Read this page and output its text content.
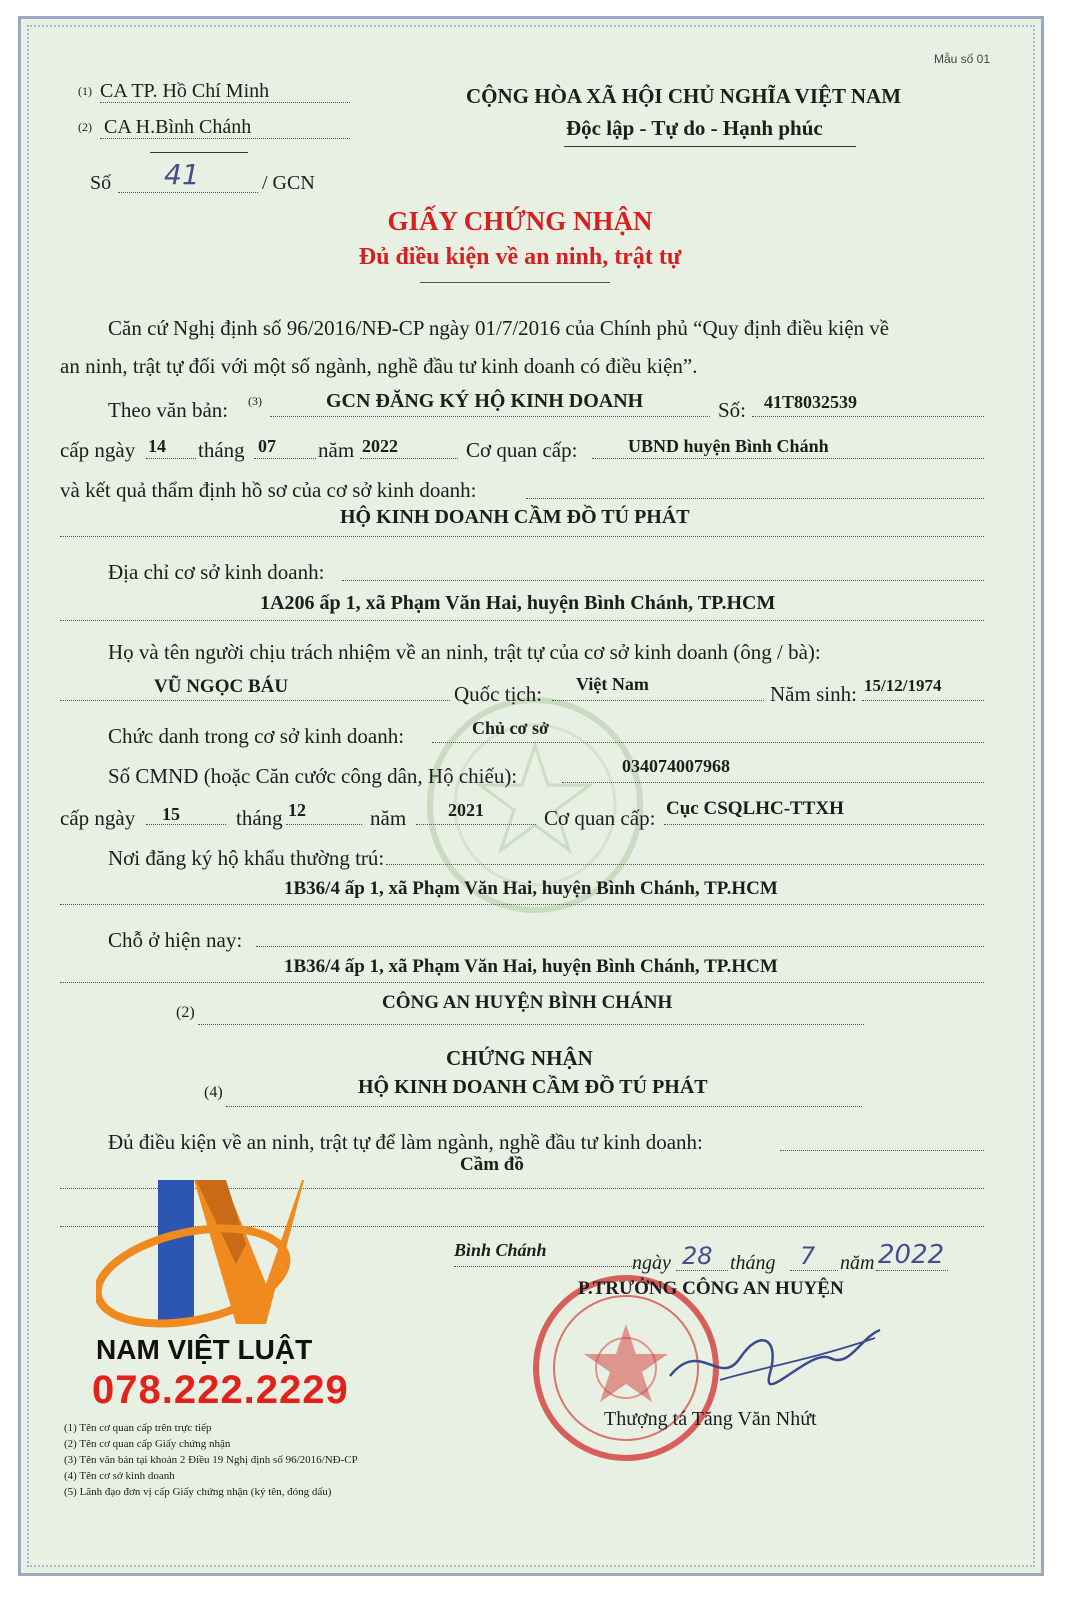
Mẫu số 01
(1) CA TP. Hồ Chí Minh
(2) CA H.Bình Chánh
Số 41	/ GCN
CỘNG HÒA XÃ HỘI CHỦ NGHĨA VIỆT NAM
Độc lập - Tự do - Hạnh phúc
GIẤY CHỨNG NHẬN
Đủ điều kiện về an ninh, trật tự
Căn cứ Nghị định số 96/2016/NĐ-CP ngày 01/7/2016 của Chính phủ “Quy định điều kiện về
an ninh, trật tự đối với một số ngành, nghề đầu tư kinh doanh có điều kiện”.
Theo văn bản: (3)	GCN ĐĂNG KÝ HỘ KINH DOANH	Số: 41T8032539
cấp ngày 14 tháng 07 năm 2022	Cơ quan cấp:	UBND huyện Bình Chánh
và kết quả thẩm định hồ sơ của cơ sở kinh doanh:
HỘ KINH DOANH CẦM ĐỒ TÚ PHÁT
Địa chỉ cơ sở kinh doanh:
1A206 ấp 1, xã Phạm Văn Hai, huyện Bình Chánh, TP.HCM
Họ và tên người chịu trách nhiệm về an ninh, trật tự của cơ sở kinh doanh (ông / bà):
VŨ NGỌC BÁU	Quốc tịch: Việt Nam	Năm sinh: 15/12/1974
Chức danh trong cơ sở kinh doanh:	Chủ cơ sở
Số CMND (hoặc Căn cước công dân, Hộ chiếu):	034074007968
cấp ngày 15	tháng 12	năm 2021	Cơ quan cấp: Cục CSQLHC-TTXH
Nơi đăng ký hộ khẩu thường trú:
1B36/4 ấp 1, xã Phạm Văn Hai, huyện Bình Chánh, TP.HCM
Chỗ ở hiện nay:
1B36/4 ấp 1, xã Phạm Văn Hai, huyện Bình Chánh, TP.HCM
(2)	CÔNG AN HUYỆN BÌNH CHÁNH
CHỨNG NHẬN
(4)	HỘ KINH DOANH CẦM ĐỒ TÚ PHÁT
Đủ điều kiện về an ninh, trật tự để làm ngành, nghề đầu tư kinh doanh:
Cầm đồ
Bình Chánh
ngày 28 tháng 7 năm 2022
P.TRƯỞNG CÔNG AN HUYỆN
Thượng tá Tăng Văn Nhứt
NAM VIỆT LUẬT
078.222.2229
(1) Tên cơ quan cấp trên trực tiếp
(2) Tên cơ quan cấp Giấy chứng nhận
(3) Tên văn bản tại khoản 2 Điều 19 Nghị định số 96/2016/NĐ-CP
(4) Tên cơ sở kinh doanh
(5) Lãnh đạo đơn vị cấp Giấy chứng nhận (ký tên, đóng dấu)
